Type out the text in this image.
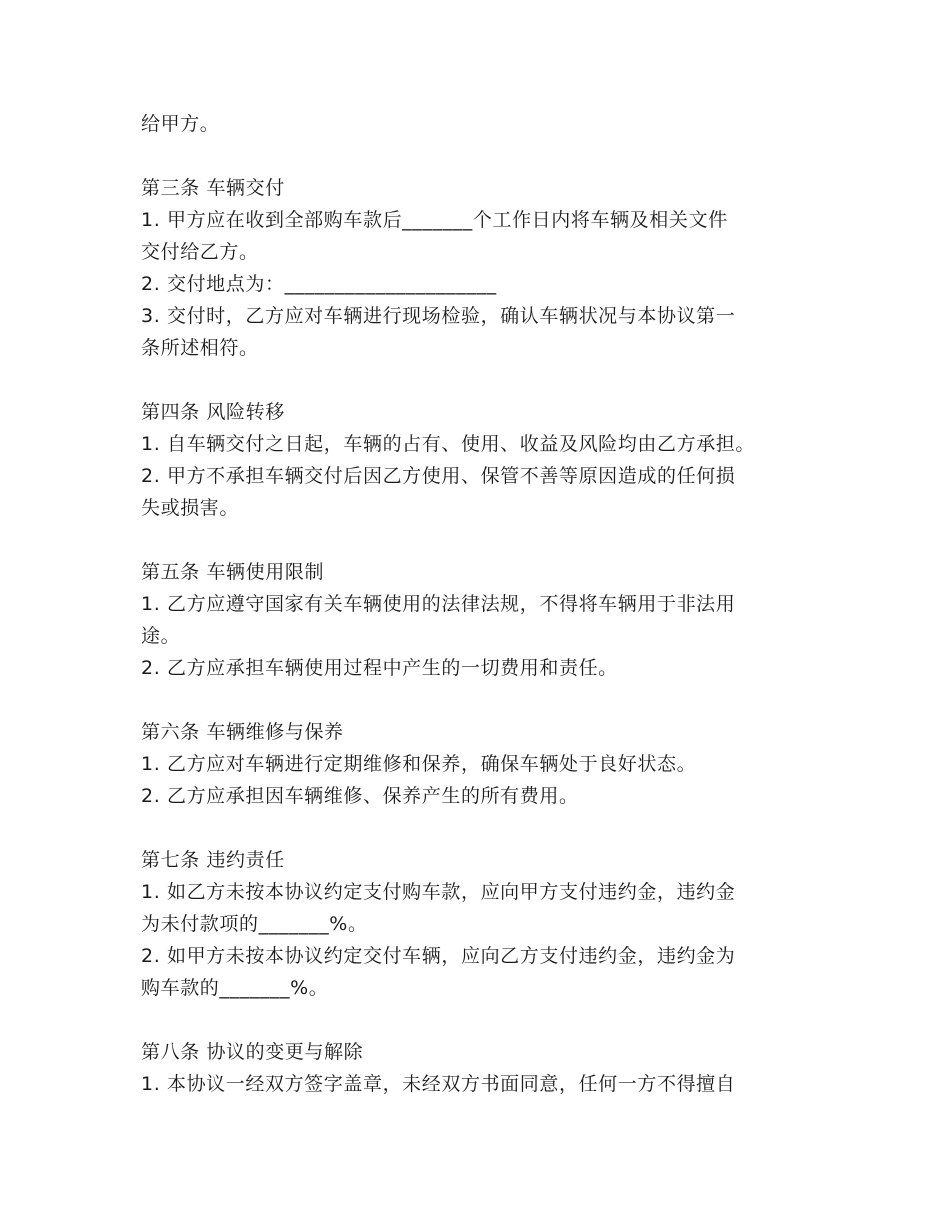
给甲方。
第三条 车辆交付
1. 甲方应在收到全部购车款后_______个工作日内将车辆及相关文件
交付给乙方。
2. 交付地点为：_____________________
3. 交付时，乙方应对车辆进行现场检验，确认车辆状况与本协议第一
条所述相符。
第四条 风险转移
1. 自车辆交付之日起，车辆的占有、使用、收益及风险均由乙方承担。
2. 甲方不承担车辆交付后因乙方使用、保管不善等原因造成的任何损
失或损害。
第五条 车辆使用限制
1. 乙方应遵守国家有关车辆使用的法律法规，不得将车辆用于非法用
途。
2. 乙方应承担车辆使用过程中产生的一切费用和责任。
第六条 车辆维修与保养
1. 乙方应对车辆进行定期维修和保养，确保车辆处于良好状态。
2. 乙方应承担因车辆维修、保养产生的所有费用。
第七条 违约责任
1. 如乙方未按本协议约定支付购车款，应向甲方支付违约金，违约金
为未付款项的_______%。
2. 如甲方未按本协议约定交付车辆，应向乙方支付违约金，违约金为
购车款的_______%。
第八条 协议的变更与解除
1. 本协议一经双方签字盖章，未经双方书面同意，任何一方不得擅自
